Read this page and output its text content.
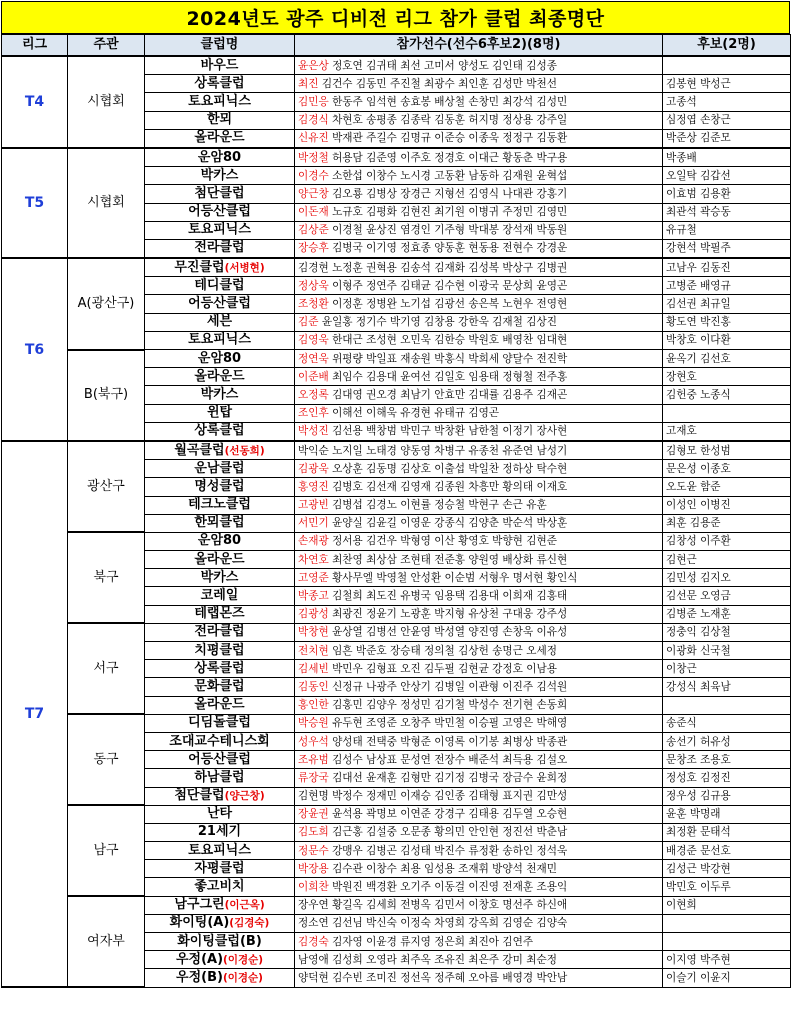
2024년도 광주 디비전 리그 참가 클럽 최종명단
리그	주관	클럽명	참가선수(선수6후보2)(8명)	후보(2명)
T4	시협회	바우드	윤은상 정호연 김귀태 최선 고미서 양성도 김인태 김성종	
		상록클럽	최진 김건수 김동민 주진철 최광수 최인훈 김성만 박천선	김봉현 박성근
		토요피닉스	김민응 한동주 임석현 송효봉 배상철 손창민 최강석 김성민	고종석
		한뫼	김경식 차현호 송평종 김종락 김동훈 허지명 정상용 강주일	심정엽 손창근
		올라운드	신유진 박재관 주길수 김명규 이준승 이종욱 정정구 김동환	박준상 김준모
T5	시협회	운암80	박정철 허용담 김준영 이주호 정경호 이대근 황동춘 박구용	박종배
		박카스	이경수 소한섭 이창수 노시경 고동환 남동하 김재원 윤혁섭	오일탁 김갑선
		첨단클럽	양근창 김오룡 김병상 장경근 지형선 김영식 나대관 강홍기	이효범 김용환
		어등산클럽	이돈재 노규호 김평화 김현진 최기원 이병귀 주정민 김영민	최관석 곽승동
		토요피닉스	김상준 이경철 윤상진 염경인 기주형 박대봉 장석재 박동원	유규철
		전라클럽	장승후 김병국 이기영 정효종 양동훈 현동용 전현수 강경운	강현석 박필주
T6	A(광산구)	무진클럽(서병현)	김경현 노정훈 권혁용 김송석 김재화 김성복 박상구 김병권	고남우 김동진
		테디클럽	정상욱 이형주 정연주 김태균 김수현 이광국 문상희 윤영곤	고병준 배영규
		어등산클럽	조청환 이정훈 정병완 노기섭 김광선 송은복 노현우 전영현	김선권 최규일
		세븐	김준 윤일홍 정기수 박기영 김창용 강한욱 김재철 김상진	황도연 박진홍
		토요피닉스	김영욱 한대근 조성현 오민욱 김한승 박원호 배영찬 임대현	박창호 이다환
	B(북구)	운암80	정연욱 위평량 박일표 재송원 박홍식 박희세 양달수 전진학	윤옥기 김선호
		올라운드	이준배 최임수 김용대 윤여선 김일호 임용태 정형철 전주홍	장현호
		박카스	오정록 김대영 권오경 최남기 안효만 김대률 김용주 김재곤	김헌중 노종식
		윈탑	조인후 이해선 이해욱 유경현 유태규 김영곤	
		상록클럽	박성진 김선용 백창범 박민구 박창환 남한철 이정기 장사현	고재호
T7	광산구	월곡클럽(선동희)	박익순 노지일 노태경 양동영 차병구 유종천 유준연 남성기	김형모 한성범
		운남클럽	김광욱 오상훈 김동명 김상호 이출섭 박일찬 정하상 탁수현	문은성 이종호
		명성클럽	홍영진 김병호 김선재 김영재 김종원 차흥만 황의태 이재호	오도윤 함준
		테크노클럽	고광빈 김병섭 김경노 이현률 정승철 박현구 손근 유훈	이성인 이병진
		한뫼클럽	서민기 윤양실 김윤길 이영운 강종식 김양춘 박순석 박상훈	최훈 김용준
	북구	운암80	손재광 정서용 김건우 박형영 이산 황영호 박향현 김현준	김창성 이주환
		올라운드	차연호 최찬영 최상삼 조현태 전준홍 양원영 배상화 류신현	김현근
		박카스	고영준 황사무엘 박영철 안성환 이순범 서형우 명서현 황인식	김민성 김지오
		코레일	박종고 김철희 최도진 유병국 임용택 김용대 이희재 김홍태	김선문 오영금
		테랩몬즈	김광성 최광진 정윤기 노광훈 박지형 유상천 구대웅 강주성	김병준 노재훈
	서구	전라클럽	박창현 윤상열 김병선 안윤영 박성열 양진영 손창욱 이유성	정충익 김상철
		치평클럽	전치현 임흔 박준호 장승태 정의철 김상헌 송명근 오세정	이광화 신국철
		상록클럽	김세빈 박민우 김형표 오진 김두필 김현균 강정호 이남용	이창근
		문화클럽	김동인 신정규 나광주 안상기 김병일 이관형 이진주 김석원	강성식 최육남
		올라운드	홍인한 김홍민 김양우 정성민 김기철 박성수 전기현 손동희	
	동구	디딤돌클럽	박승원 유두현 조영준 오창주 박민철 이승필 고영은 박해영	송준식
		조대교수테니스회	성우석 양성태 전택중 박형준 이영록 이기봉 최병상 박종관	송선기 허유성
		어등산클럽	조유범 김성수 남상표 문성연 전장수 배준석 최득용 김설오	문창조 조용호
		하남클럽	류장국 김대선 윤재훈 김형만 김기정 김병국 장금수 윤희정	정성호 김정진
		첨단클럽(양근창)	김현명 박정수 정재민 이재승 김인종 김태형 표지권 김만성	정우성 김규용
	남구	난타	장윤권 윤석용 곽명보 이연준 강경구 김태용 김두열 오승현	윤훈 박명래
		21세기	김도희 김근홍 김설중 오문종 황의민 안인현 정진선 박춘남	최정환 문태석
		토요피닉스	정문수 강맹우 김병곤 김성태 박진수 류정환 송하인 정석욱	배경준 문선호
		자평클럽	박장용 김수관 이창수 최용 임성용 조재휘 방양석 천재민	김성근 박강현
		좋고비치	이희찬 박원진 백경환 오기주 이동걸 이진영 전재훈 조용익	박민호 이두루
	여자부	남구그린(이근옥)	장우연 황길옥 김세희 전병옥 김민서 이창호 명선주 하신애	이현희
		화이팅(A)(김경숙)	정소연 김선님 박신숙 이정숙 차영희 강옥희 김영순 김양숙	
		화이팅클럽(B)	김경숙 김자영 이윤경 류지영 정은희 최진아 김연주	
		우정(A)(이경순)	남영애 김성희 오영라 최주옥 조유진 최은주 강미 최순정	이지영 박주현
		우정(B)(이경순)	양덕현 김수빈 조미진 정선옥 정주혜 오아름 배영경 박안남	이슬기 이윤지
